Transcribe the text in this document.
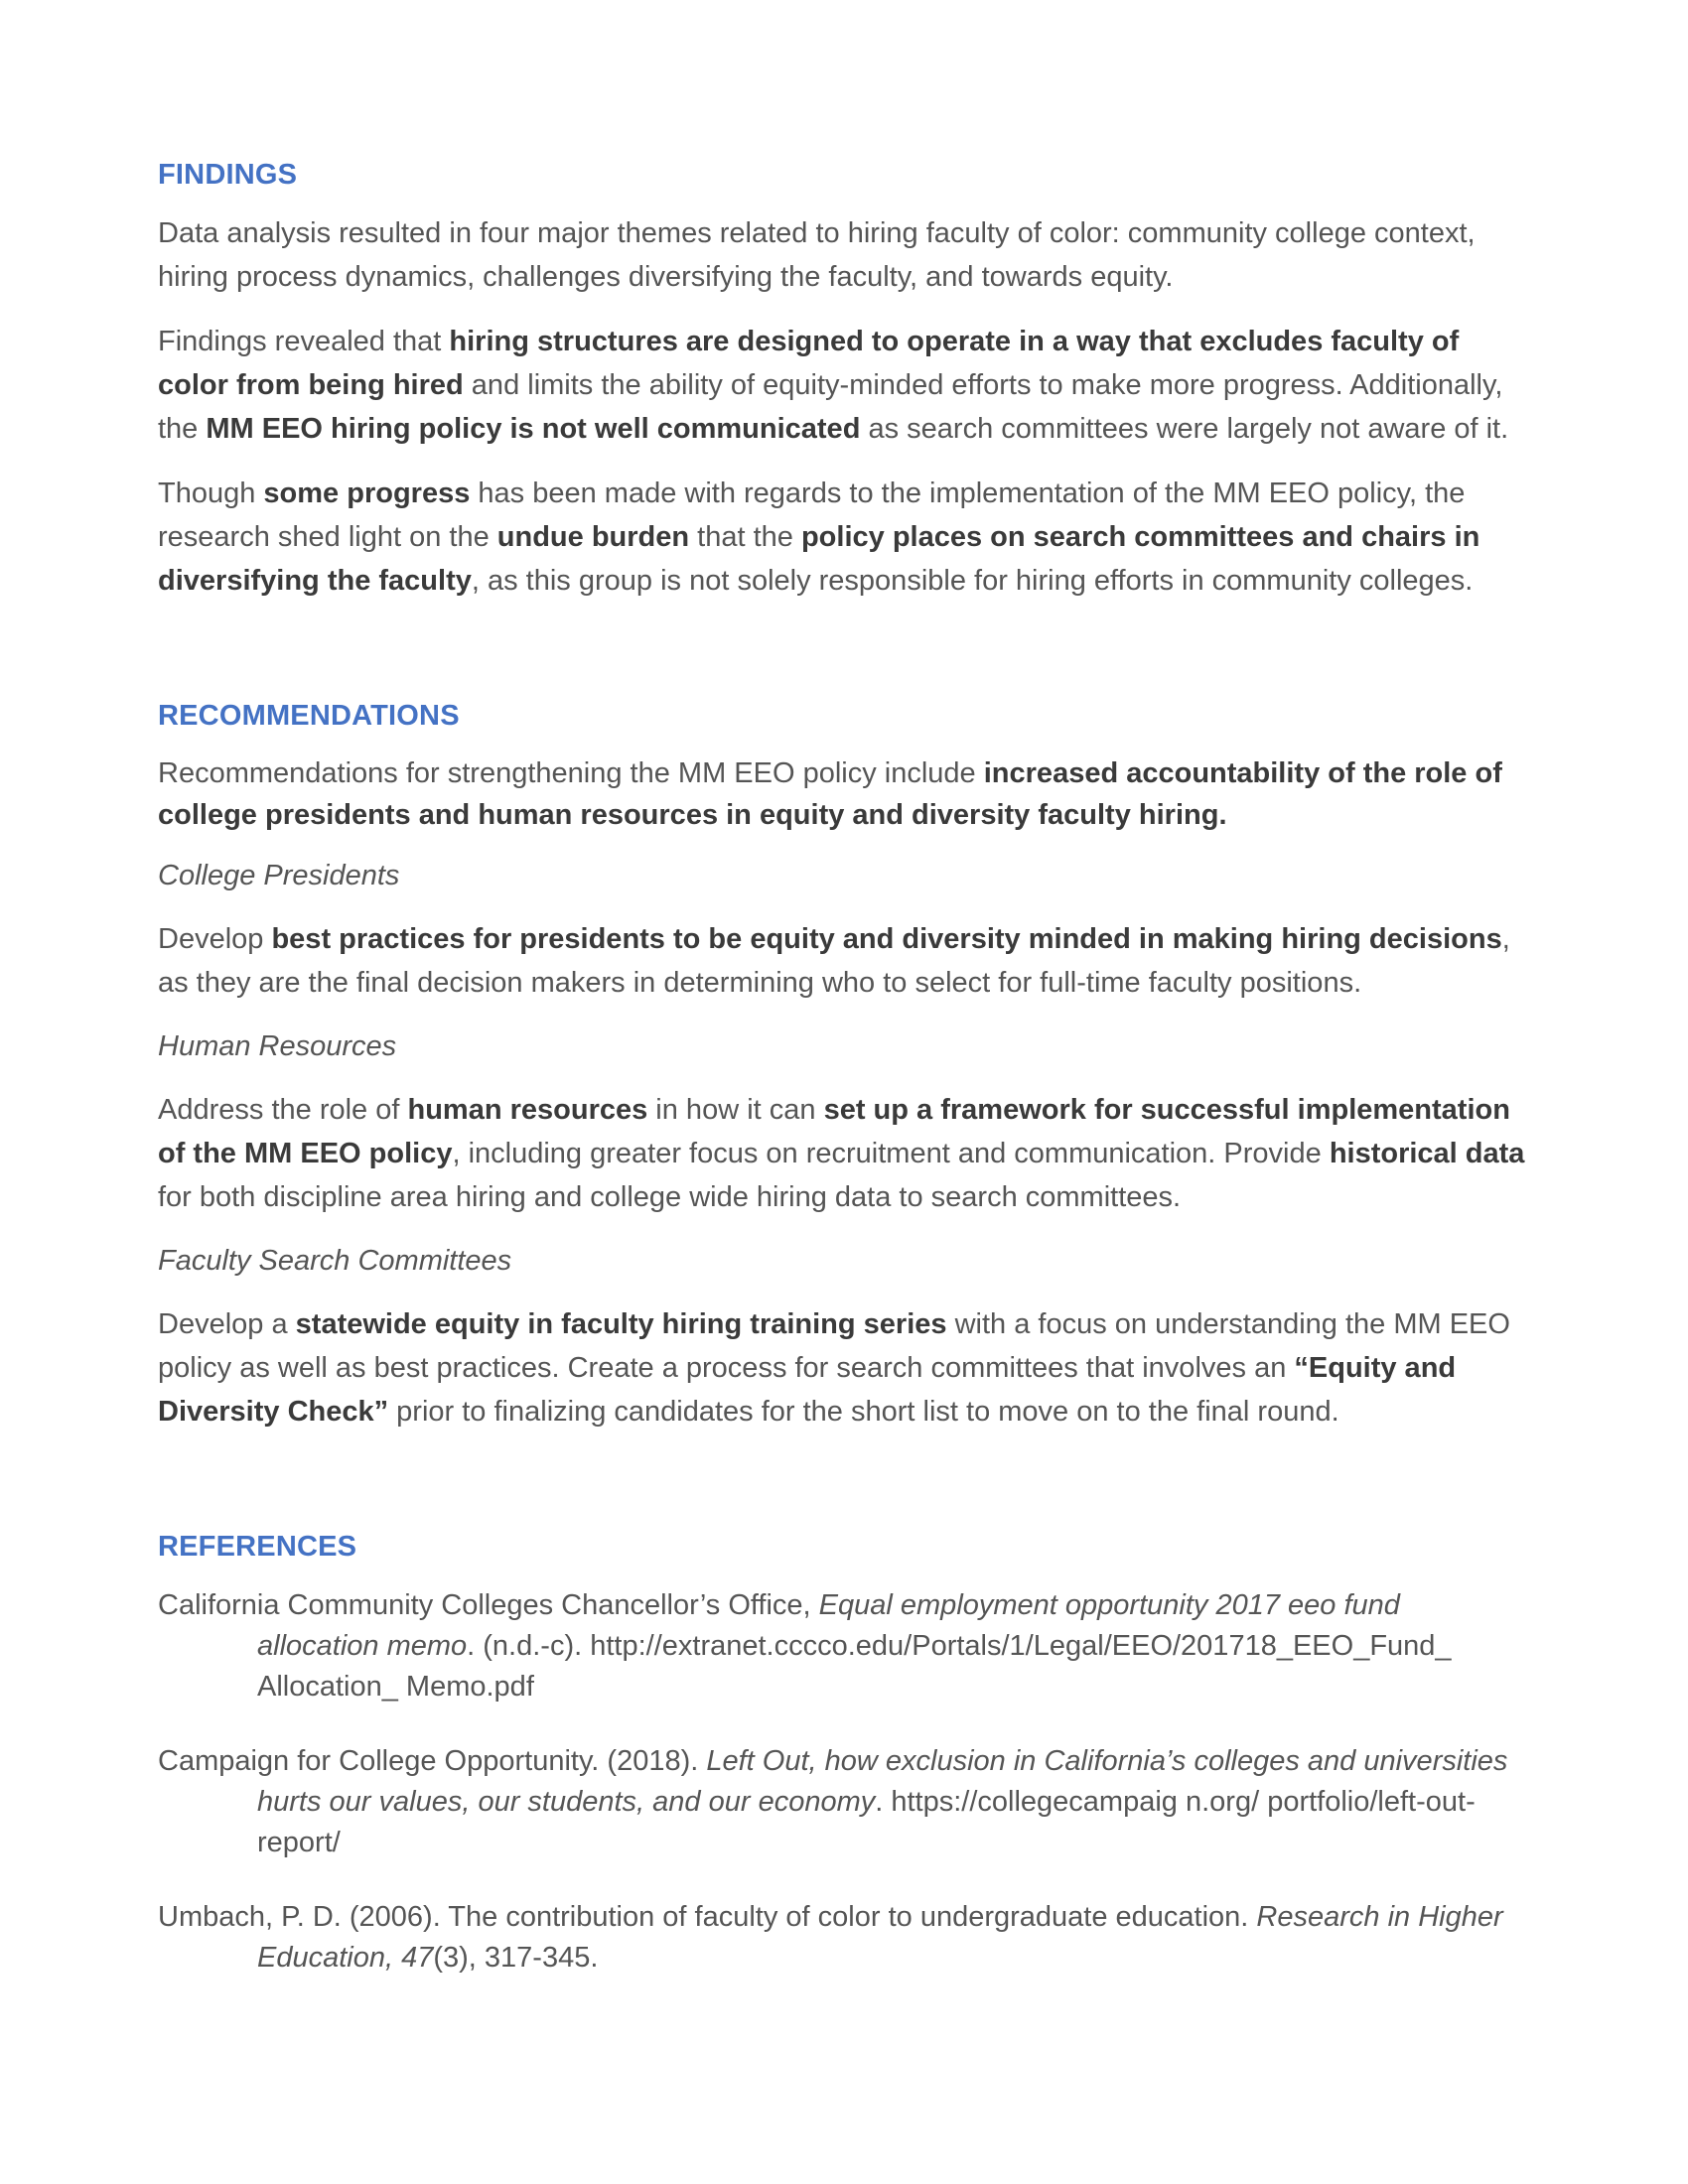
FINDINGS

Data analysis resulted in four major themes related to hiring faculty of color: community college context, hiring process dynamics, challenges diversifying the faculty, and towards equity.

Findings revealed that hiring structures are designed to operate in a way that excludes faculty of color from being hired and limits the ability of equity-minded efforts to make more progress. Additionally, the MM EEO hiring policy is not well communicated as search committees were largely not aware of it.

Though some progress has been made with regards to the implementation of the MM EEO policy, the research shed light on the undue burden that the policy places on search committees and chairs in diversifying the faculty, as this group is not solely responsible for hiring efforts in community colleges.

RECOMMENDATIONS

Recommendations for strengthening the MM EEO policy include increased accountability of the role of college presidents and human resources in equity and diversity faculty hiring.

College Presidents

Develop best practices for presidents to be equity and diversity minded in making hiring decisions, as they are the final decision makers in determining who to select for full-time faculty positions.

Human Resources

Address the role of human resources in how it can set up a framework for successful implementation of the MM EEO policy, including greater focus on recruitment and communication. Provide historical data for both discipline area hiring and college wide hiring data to search committees.

Faculty Search Committees

Develop a statewide equity in faculty hiring training series with a focus on understanding the MM EEO policy as well as best practices. Create a process for search committees that involves an “Equity and Diversity Check” prior to finalizing candidates for the short list to move on to the final round.

REFERENCES

California Community Colleges Chancellor’s Office, Equal employment opportunity 2017 eeo fund allocation memo. (n.d.-c). http://extranet.cccco.edu/Portals/1/Legal/EEO/201718_EEO_Fund_ Allocation_ Memo.pdf

Campaign for College Opportunity. (2018). Left Out, how exclusion in California’s colleges and universities hurts our values, our students, and our economy. https://collegecampaig n.org/ portfolio/left-out-report/

Umbach, P. D. (2006). The contribution of faculty of color to undergraduate education. Research in Higher Education, 47(3), 317-345.
